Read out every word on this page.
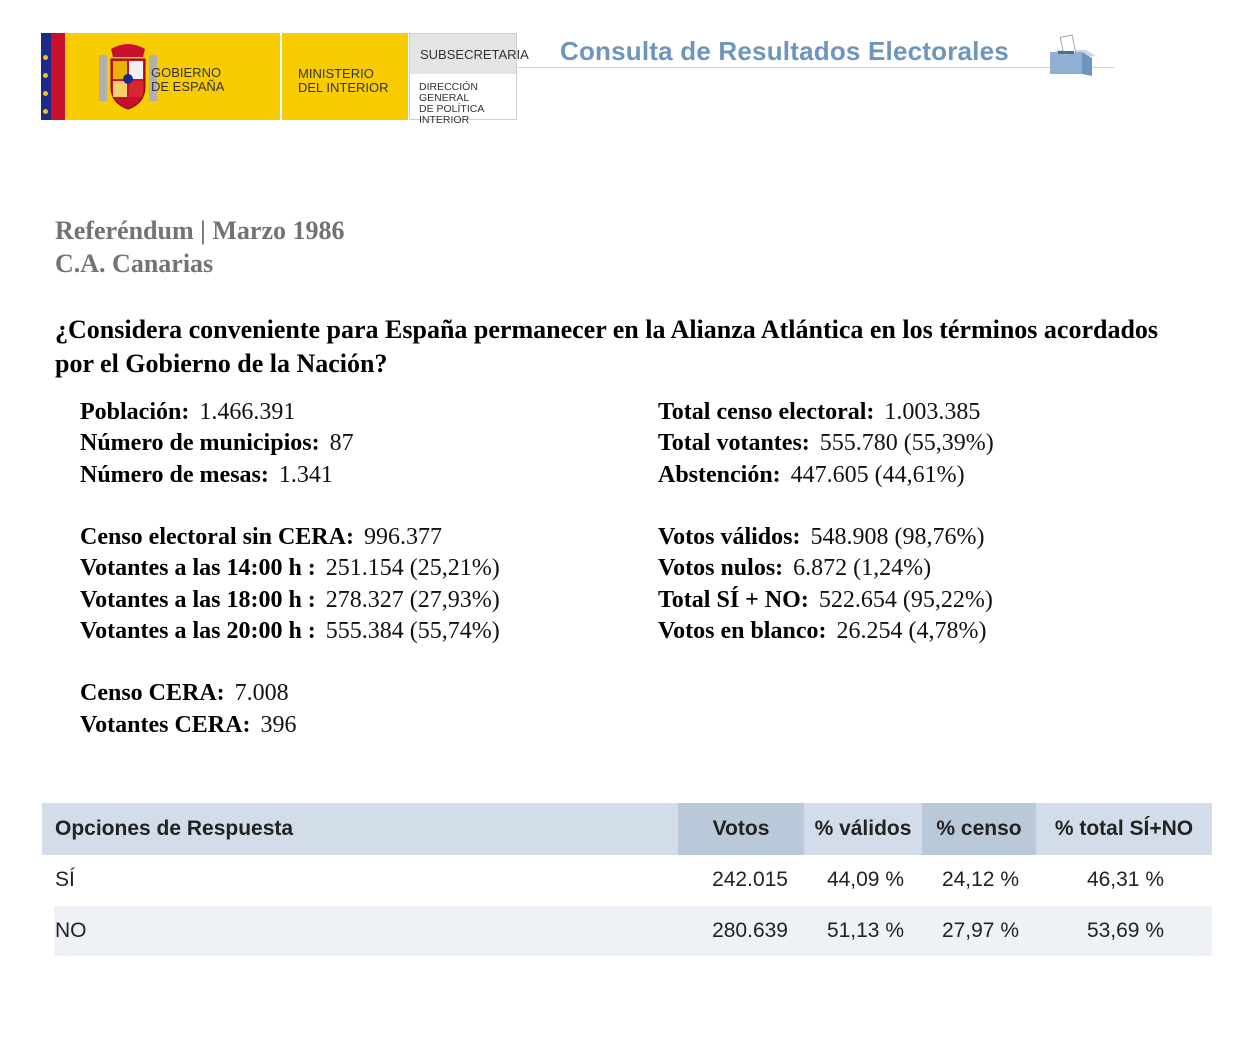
GOBIERNO
DE ESPAÑA
MINISTERIO
DEL INTERIOR
SUBSECRETARIA
DIRECCIÓN GENERAL
DE POLÍTICA INTERIOR
Consulta de Resultados Electorales
Referéndum | Marzo 1986
C.A. Canarias
¿Considera conveniente para España permanecer en la Alianza Atlántica en los términos acordados por el Gobierno de la Nación?
Población: 1.466.391
Número de municipios: 87
Número de mesas: 1.341
Censo electoral sin CERA: 996.377
Votantes a las 14:00 h : 251.154 (25,21%)
Votantes a las 18:00 h : 278.327 (27,93%)
Votantes a las 20:00 h : 555.384 (55,74%)
Censo CERA: 7.008
Votantes CERA: 396
Total censo electoral: 1.003.385
Total votantes: 555.780 (55,39%)
Abstención: 447.605 (44,61%)
Votos válidos: 548.908 (98,76%)
Votos nulos: 6.872 (1,24%)
Total SÍ + NO: 522.654 (95,22%)
Votos en blanco: 26.254 (4,78%)
Opciones de Respuesta	Votos	% válidos	% censo	% total SÍ+NO
SÍ	242.015	44,09 %	24,12 %	46,31 %
NO	280.639	51,13 %	27,97 %	53,69 %
